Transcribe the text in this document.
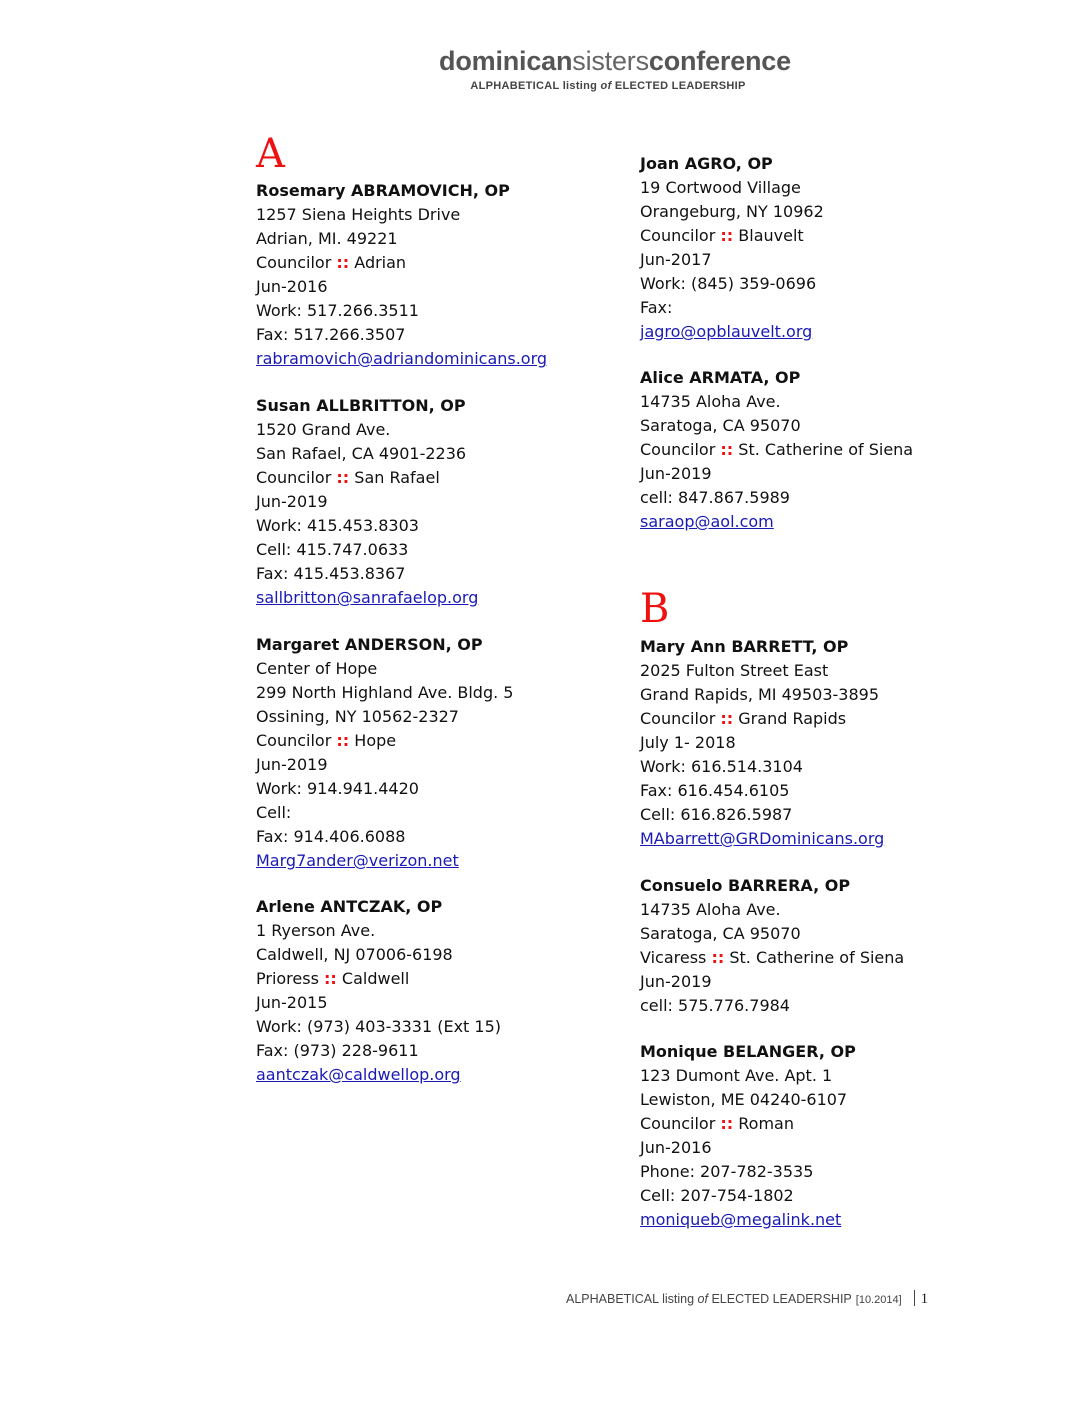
dominicansistersconference
ALPHABETICAL listing of ELECTED LEADERSHIP
A
Rosemary ABRAMOVICH, OP
1257 Siena Heights Drive
Adrian, MI. 49221
Councilor :: Adrian
Jun-2016
Work: 517.266.3511
Fax: 517.266.3507
rabramovich@adriandominicans.org
Susan ALLBRITTON, OP
1520 Grand Ave.
San Rafael, CA 4901-2236
Councilor :: San Rafael
Jun-2019
Work: 415.453.8303
Cell: 415.747.0633
Fax: 415.453.8367
sallbritton@sanrafaelop.org
Margaret ANDERSON, OP
Center of Hope
299 North Highland Ave. Bldg. 5
Ossining, NY 10562-2327
Councilor :: Hope
Jun-2019
Work: 914.941.4420
Cell:
Fax: 914.406.6088
Marg7ander@verizon.net
Arlene ANTCZAK, OP
1 Ryerson Ave.
Caldwell, NJ 07006-6198
Prioress :: Caldwell
Jun-2015
Work: (973) 403-3331 (Ext 15)
Fax: (973) 228-9611
aantczak@caldwellop.org
Joan AGRO, OP
19 Cortwood Village
Orangeburg, NY 10962
Councilor :: Blauvelt
Jun-2017
Work: (845) 359-0696
Fax:
jagro@opblauvelt.org
Alice ARMATA, OP
14735 Aloha Ave.
Saratoga, CA 95070
Councilor :: St. Catherine of Siena
Jun-2019
cell: 847.867.5989
saraop@aol.com
B
Mary Ann BARRETT, OP
2025 Fulton Street East
Grand Rapids, MI 49503-3895
Councilor :: Grand Rapids
July 1- 2018
Work: 616.514.3104
Fax: 616.454.6105
Cell: 616.826.5987
MAbarrett@GRDominicans.org
Consuelo BARRERA, OP
14735 Aloha Ave.
Saratoga, CA 95070
Vicaress :: St. Catherine of Siena
Jun-2019
cell: 575.776.7984
Monique BELANGER, OP
123 Dumont Ave. Apt. 1
Lewiston, ME 04240-6107
Councilor :: Roman
Jun-2016
Phone: 207-782-3535
Cell: 207-754-1802
moniqueb@megalink.net
ALPHABETICAL listing of ELECTED LEADERSHIP [10.2014] 1
